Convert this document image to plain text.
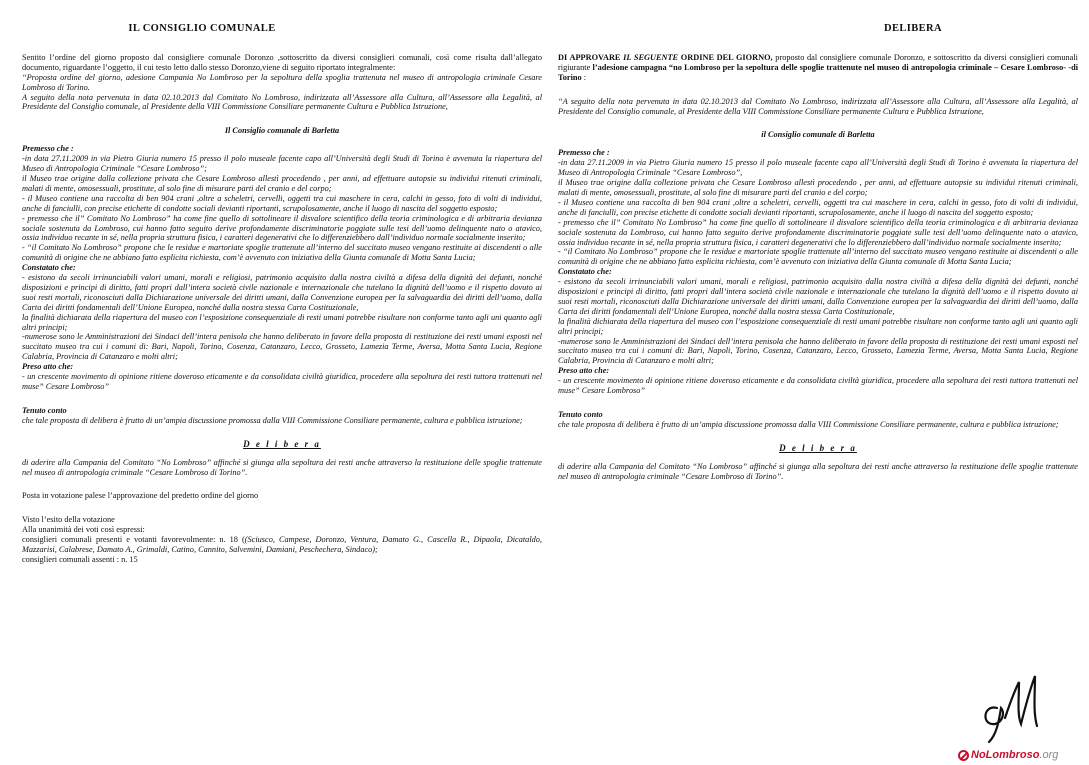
IL CONSIGLIO COMUNALE

Sentito l’ordine del giorno proposto dal consigliere comunale Doronzo ,sottoscritto da diversi consiglieri comunali, così come risulta dall’allegato documento, riguardante l’oggetto, il cui testo letto dallo stesso Doronzo,viene di seguito riportato integralmente:

“Proposta ordine del giorno, adesione Campania No Lombroso per la sepoltura della spoglia trattenuta nel museo di antropologia criminale Cesare Lombroso di Torino.

A seguito della nota pervenuta in data 02.10.2013 dal Comitato No Lombroso, indirizzata all’Assessore alla Cultura, all’Assessore alla Legalità, al Presidente del Consiglio comunale, al Presidente della VIII Commissione Consiliare permanente Cultura e Pubblica Istruzione,

Il Consiglio comunale di Barletta

Premesso che :

-in data 27.11.2009 in via Pietro Giuria numero 15 presso il polo museale facente capo all’Università degli Studi di Torino è avvenuta la riapertura del Museo di Antropologia Criminale “Cesare Lombroso”;

il Museo trae origine dalla collezione privata che Cesare Lombroso allestì procedendo , per anni, ad effettuare autopsie su individui ritenuti criminali, malati di mente, omosessuali, prostitute, al solo fine di misurare parti del cranio e del corpo;

- il Museo contiene una raccolta di ben 904 crani ,oltre a scheletri, cervelli, oggetti tra cui maschere in cera, calchi in gesso, foto di volti di individui, anche di fanciulli, con precise etichette di condotte sociali devianti riportanti, scrupolosamente, anche il luogo di nascita del soggetto esposto;

- premesso che il” Comitato No Lombroso” ha come fine quello di sottolineare il disvalore scientifico della teoria criminologica e di arbitraria devianza sociale sostenuta da Lombroso, cui hanno fatto seguito derive profondamente discriminatorie poggiate sulle tesi dell’uomo delinquente nato o atavico, ossia individuo recante in sé, nella propria struttura fisica, i caratteri degenerativi che lo differenziebbero dall’individuo normale socialmente inserito;

- “il Comitato No Lombroso” propone che le residue e martoriate spoglie trattenute all’interno del succitato museo vengano restituite ai discendenti o alle comunità di origine che ne abbiano fatto esplicita richiesta, com’è avvenuto con iniziativa della Giunta comunale di Motta Santa Lucia;

Constatato che:

- esistono da secoli irrinunciabili valori umani, morali e religiosi, patrimonio acquisito dalla nostra civiltà a difesa della dignità dei defunti, nonché disposizioni e principi di diritto, fatti propri dall’intera società civile nazionale e internazionale che tutelano la dignità dell’uomo e il rispetto dovuto ai suoi resti mortali, riconosciuti dalla Dichiarazione universale dei diritti umani, dalla Convenzione europea per la salvaguardia dei diritti dell’uomo, dalla Carta dei diritti fondamentali dell’Unione Europea, nonché dalla nostra stessa Carta Costituzionale,

la finalità dichiarata della riapertura del museo con l’esposizione consequenziale di resti umani potrebbe risultare non conforme tanto agli uni quanto agli altri principi;

-numerose sono le Amministrazioni dei Sindaci dell’intera penisola che hanno deliberato in favore della proposta di restituzione dei resti umani esposti nel succitato museo tra cui i comuni di: Bari, Napoli, Torino, Cosenza, Catanzaro, Lecco, Grosseto, Lamezia Terme, Aversa, Motta Santa Lucia, Regione Calabria, Provincia di Catanzaro e molti altri;

Preso atto che:

- un crescente movimento di opinione ritiene doveroso eticamente e da consolidata civiltà giuridica, procedere alla sepoltura dei resti tuttora trattenuti nel muse” Cesare Lombroso”

Tenuto conto

che tale proposta di delibera è frutto di un’ampia discussione promossa dalla VIII Commissione Consiliare permanente, cultura e pubblica istruzione;

D e l i b e r a

di aderire alla Campania del Comitato “No Lombroso” affinché si giunga alla sepoltura dei resti anche attraverso la restituzione delle spoglie trattenute nel museo di antropologia criminale “Cesare Lombroso di Torino”.

Posta in votazione palese l’approvazione del predetto ordine del giorno

Visto l’esito della votazione

Alla unanimità dei voti così espressi:

consiglieri comunali presenti e votanti favorevolmente: n. 18 ((Sciusco, Campese, Doronzo, Ventura, Damato G., Cascella R., Dipaola, Dicataldo, Mazzarisi, Calabrese, Damato A., Grimaldi, Catino, Cannito, Salvemini, Damiani, Peschechera, Sindaco);

consiglieri comunali assenti : n. 15

DELIBERA

DI APPROVARE IL SEGUENTE ORDINE DEL GIORNO, proposto dal consigliere comunale Doronzo, e sottoscritto da diversi consiglieri comunali rigiurante l’adesione campagna “no Lombroso per la sepoltura delle spoglie trattenute nel museo di antropologia criminale – Cesare Lombroso- -di Torino :

“A seguito della nota pervenuta in data 02.10.2013 dal Comitato No Lombroso, indirizzata all’Assessore alla Cultura, all’Assessore alla Legalità, al Presidente del Consiglio comunale, al Presidente della VIII Commissione Consiliare permanente Cultura e Pubblica Istruzione,

il Consiglio comunale di Barletta

Premesso che :

-in data 27.11.2009 in via Pietro Giuria numero 15 presso il polo museale facente capo all’Università degli Studi di Torino è avvenuta la riapertura del Museo di Antropologia Criminale “Cesare Lombroso”,

il Museo trae origine dalla collezione privata che Cesare Lombroso allestì procedendo , per anni, ad effettuare autopsie su individui ritenuti criminali, malati di mente, omosessuali, prostitute, al solo fine di misurare parti del cranio e del corpo;

- il Museo contiene una raccolta di ben 904 crani ,oltre a scheletri, cervelli, oggetti tra cui maschere in cera, calchi in gesso, foto di volti di individui, anche di fanciulli, con precise etichette di condotte sociali devianti riportanti, scrupolosamente, anche il luogo di nascita del soggetto esposto;

- premesso che il” Comitato No Lombroso” ha come fine quello di sottolineare il disvalore scientifico della teoria criminologica e di arbitraria devianza sociale sostenuta da Lombroso, cui hanno fatto seguito derive profondamente discriminatorie poggiate sulle tesi dell’uomo delinquente nato o atavico, ossia individuo recante in sé, nella propria struttura fisica, i caratteri degenerativi che lo differenziebbero dall’individuo normale socialmente inserito;

- “il Comitato No Lombroso” propone che le residue e martoriate spoglie trattenute all’interno del succitato museo vengano restituite ai discendenti o alle comunità di origine che ne abbiano fatto esplicita richiesta, com’è avvenuto con iniziativa della Giunta comunale di Motta Santa Lucia;

Constatato che:

- esistono da secoli irrinunciabili valori umani, morali e religiosi, patrimonio acquisito dalla nostra civiltà a difesa della dignità dei defunti, nonché disposizioni e principi di diritto, fatti propri dall’intera società civile nazionale e internazionale che tutelano la dignità dell’uomo e il rispetto dovuto ai suoi resti mortali, riconosciuti dalla Dichiarazione universale dei diritti umani, dalla Convenzione europea per la salvaguardia dei diritti dell’uomo, dalla Carta dei diritti fondamentali dell’Unione Europea, nonché dalla nostra stessa Carta Costituzionale,

la finalità dichiarata della riapertura del museo con l’esposizione consequenziale di resti umani potrebbe risultare non conforme tanto agli uni quanto agli altri principi;

-numerose sono le Amministrazioni dei Sindaci dell’intera penisola che hanno deliberato in favore della proposta di restituzione dei resti umani esposti nel succitato museo tra cui i comuni di: Bari, Napoli, Torino, Cosenza, Catanzaro, Lecco, Grosseto, Lamezia Terme, Aversa, Motta Santa Lucia, Regione Calabria, Provincia di Catanzaro e molti altri;

Preso atto che:

- un crescente movimento di opinione ritiene doveroso eticamente e da consolidata civiltà giuridica, procedere alla sepoltura dei resti tuttora trattenuti nel muse” Cesare Lombroso”

Tenuto conto

che tale proposta di delibera è frutto di un’ampia discussione promossa dalla VIII Commissione Consiliare permanente, cultura e pubblica istruzione;

D e l i b e r a

di aderire alla Campania del Comitato “No Lombroso” affinché si giunga alla sepoltura dei resti anche attraverso la restituzione delle spoglie trattenute nel museo di antropologia criminale “Cesare Lombroso di Torino”.

No Lombroso .org
